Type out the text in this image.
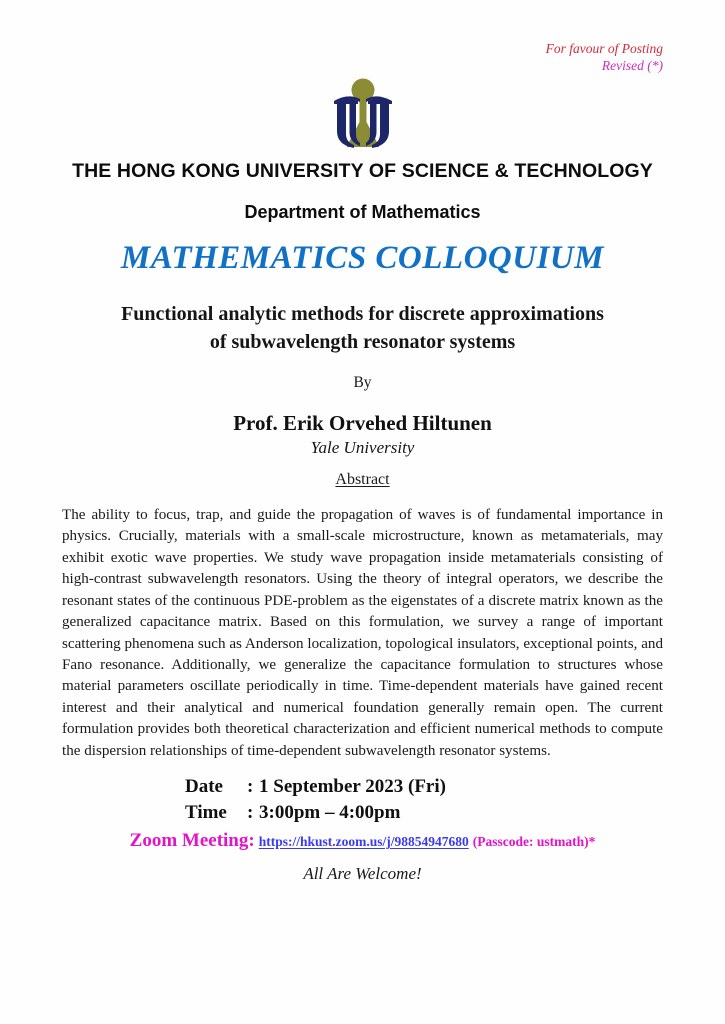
For favour of Posting
Revised (*)
THE HONG KONG UNIVERSITY OF SCIENCE & TECHNOLOGY
Department of Mathematics
MATHEMATICS COLLOQUIUM
Functional analytic methods for discrete approximations
of subwavelength resonator systems
By
Prof. Erik Orvehed Hiltunen
Yale University
Abstract
The ability to focus, trap, and guide the propagation of waves is of fundamental importance in physics. Crucially, materials with a small-scale microstructure, known as metamaterials, may exhibit exotic wave properties. We study wave propagation inside metamaterials consisting of high-contrast subwavelength resonators. Using the theory of integral operators, we describe the resonant states of the continuous PDE-problem as the eigenstates of a discrete matrix known as the generalized capacitance matrix. Based on this formulation, we survey a range of important scattering phenomena such as Anderson localization, topological insulators, exceptional points, and Fano resonance. Additionally, we generalize the capacitance formulation to structures whose material parameters oscillate periodically in time. Time-dependent materials have gained recent interest and their analytical and numerical foundation generally remain open. The current formulation provides both theoretical characterization and efficient numerical methods to compute the dispersion relationships of time-dependent subwavelength resonator systems.
Date	: 1 September 2023 (Fri)
Time	: 3:00pm – 4:00pm
Zoom Meeting: https://hkust.zoom.us/j/98854947680 (Passcode: ustmath)*
All Are Welcome!
